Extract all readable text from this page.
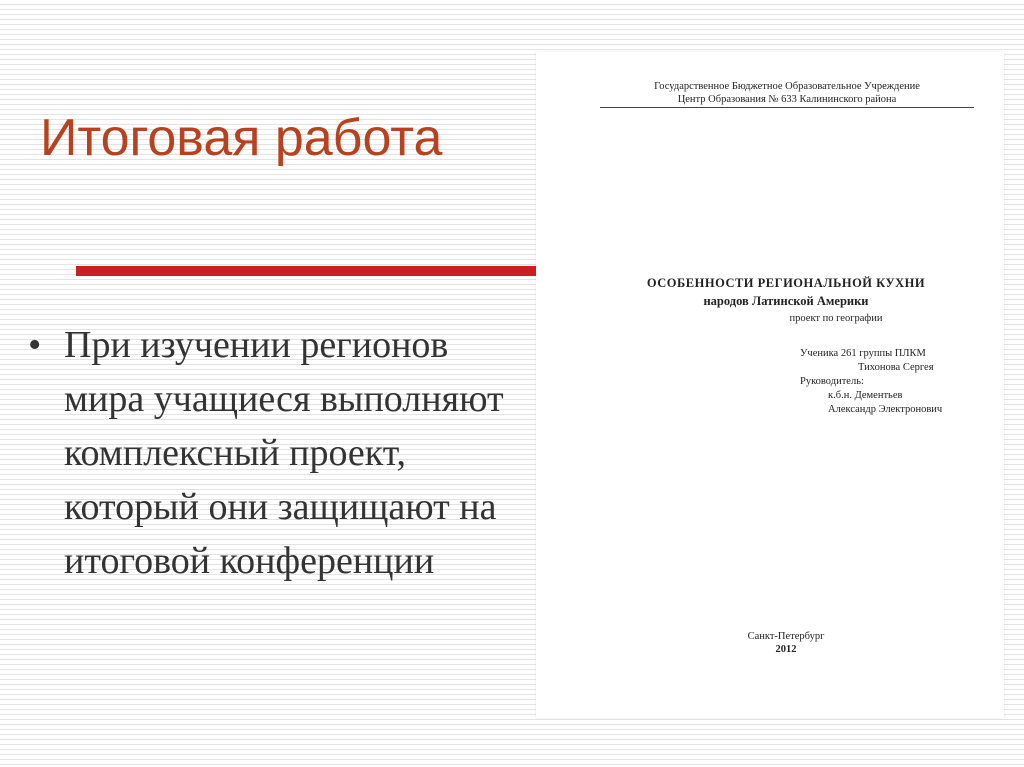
Итоговая работа
• При изучении регионов мира учащиеся выполняют комплексный проект, который они защищают на итоговой конференции

Государственное Бюджетное Образовательное Учреждение
Центр Образования № 633 Калининского района
ОСОБЕННОСТИ РЕГИОНАЛЬНОЙ КУХНИ
народов Латинской Америки
проект по географии
Ученика 261 группы ПЛКМ
Тихонова Сергея
Руководитель:
к.б.н. Дементьев
Александр Электронович
Санкт-Петербург
2012
